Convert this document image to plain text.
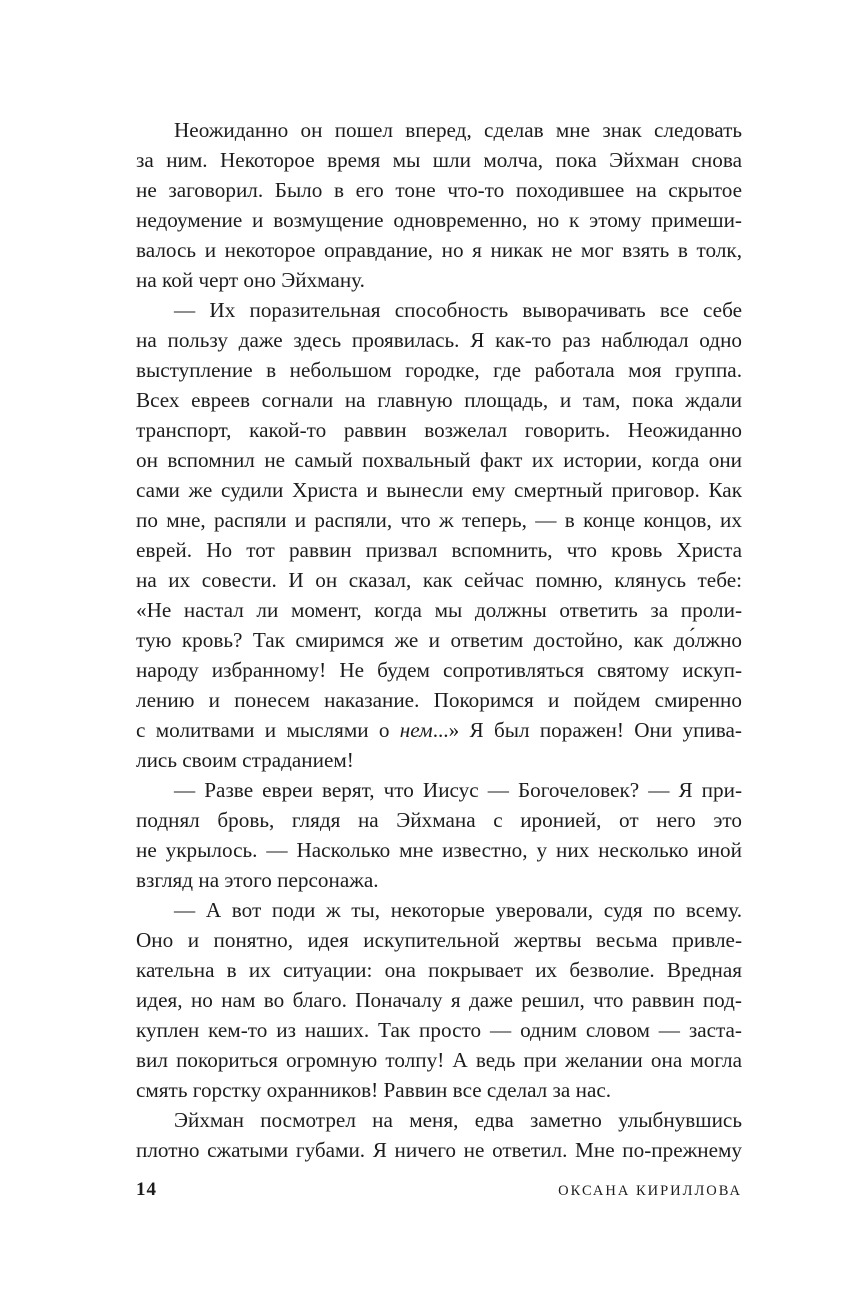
Неожиданно он пошел вперед, сделав мне знак следовать
за ним. Некоторое время мы шли молча, пока Эйхман снова
не заговорил. Было в его тоне что-то походившее на скрытое
недоумение и возмущение одновременно, но к этому примеши-
валось и некоторое оправдание, но я никак не мог взять в толк,
на кой черт оно Эйхману.
— Их поразительная способность выворачивать все себе
на пользу даже здесь проявилась. Я как-то раз наблюдал одно
выступление в небольшом городке, где работала моя группа.
Всех евреев согнали на главную площадь, и там, пока ждали
транспорт, какой-то раввин возжелал говорить. Неожиданно
он вспомнил не самый похвальный факт их истории, когда они
сами же судили Христа и вынесли ему смертный приговор. Как
по мне, распяли и распяли, что ж теперь, — в конце концов, их
еврей. Но тот раввин призвал вспомнить, что кровь Христа
на их совести. И он сказал, как сейчас помню, клянусь тебе:
«Не настал ли момент, когда мы должны ответить за проли-
тую кровь? Так смиримся же и ответим достойно, как до́лжно
народу избранному! Не будем сопротивляться святому искуп-
лению и понесем наказание. Покоримся и пойдем смиренно
с молитвами и мыслями о нем...» Я был поражен! Они упива-
лись своим страданием!
— Разве евреи верят, что Иисус — Богочеловек? — Я при-
поднял бровь, глядя на Эйхмана с иронией, от него это
не укрылось. — Насколько мне известно, у них несколько иной
взгляд на этого персонажа.
— А вот поди ж ты, некоторые уверовали, судя по всему.
Оно и понятно, идея искупительной жертвы весьма привле-
кательна в их ситуации: она покрывает их безволие. Вредная
идея, но нам во благо. Поначалу я даже решил, что раввин под-
куплен кем-то из наших. Так просто — одним словом — заста-
вил покориться огромную толпу! А ведь при желании она могла
смять горстку охранников! Раввин все сделал за нас.
Эйхман посмотрел на меня, едва заметно улыбнувшись
плотно сжатыми губами. Я ничего не ответил. Мне по-прежнему
14	ОКСАНА КИРИЛЛОВА
